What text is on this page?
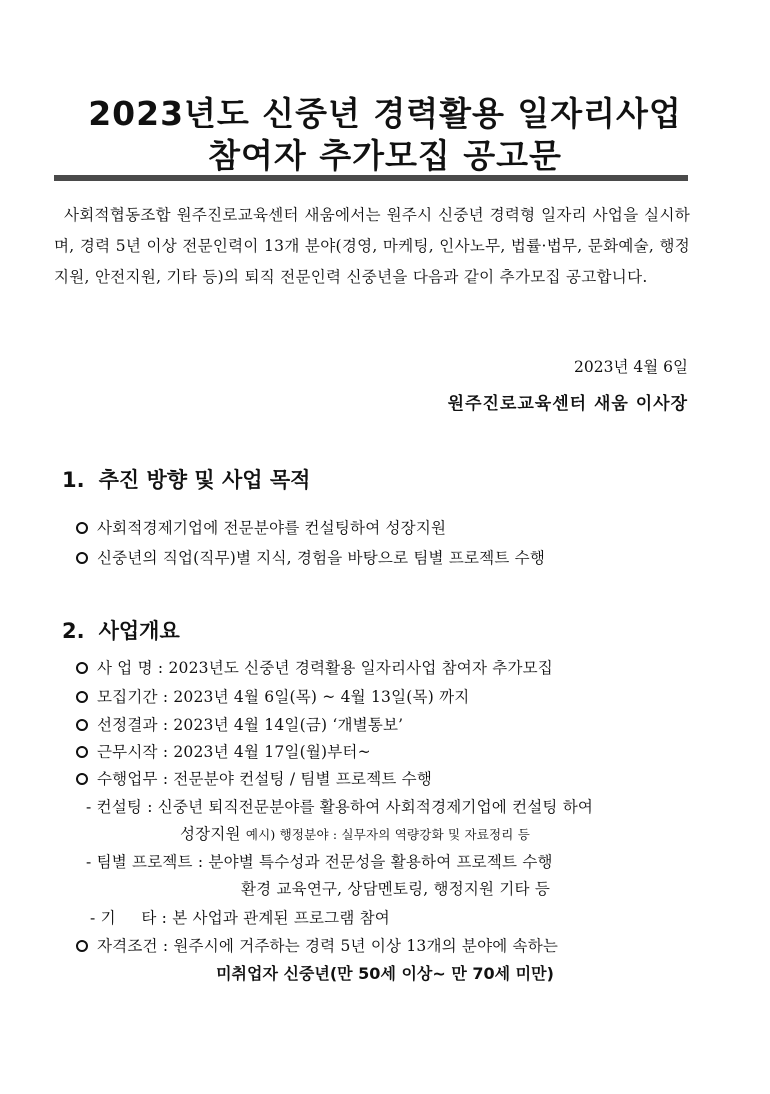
2023년도 신중년 경력활용 일자리사업
참여자 추가모집 공고문
사회적협동조합 원주진로교육센터 새움에서는 원주시 신중년 경력형 일자리 사업을 실시하며, 경력 5년 이상 전문인력이 13개 분야(경영, 마케팅, 인사노무, 법률·법무, 문화예술, 행정지원, 안전지원, 기타 등)의 퇴직 전문인력 신중년을 다음과 같이 추가모집 공고합니다.
2023년 4월 6일
원주진로교육센터 새움 이사장
1. 추진 방향 및 사업 목적
사회적경제기업에 전문분야를 컨설팅하여 성장지원
신중년의 직업(직무)별 지식, 경험을 바탕으로 팀별 프로젝트 수행
2. 사업개요
사 업 명 : 2023년도 신중년 경력활용 일자리사업 참여자 추가모집
모집기간 : 2023년 4월 6일(목) ~ 4월 13일(목) 까지
선정결과 : 2023년 4월 14일(금) ‘개별통보’
근무시작 : 2023년 4월 17일(월)부터~
수행업무 : 전문분야 컨설팅 / 팀별 프로젝트 수행
- 컨설팅 : 신중년 퇴직전문분야를 활용하여 사회적경제기업에 컨설팅 하여
성장지원 예시) 행정분야 : 실무자의 역량강화 및 자료정리 등
- 팀별 프로젝트 : 분야별 특수성과 전문성을 활용하여 프로젝트 수행
환경 교육연구, 상담멘토링, 행정지원 기타 등
- 기     타 : 본 사업과 관계된 프로그램 참여
자격조건 : 원주시에 거주하는 경력 5년 이상 13개의 분야에 속하는
미취업자 신중년(만 50세 이상~ 만 70세 미만)
